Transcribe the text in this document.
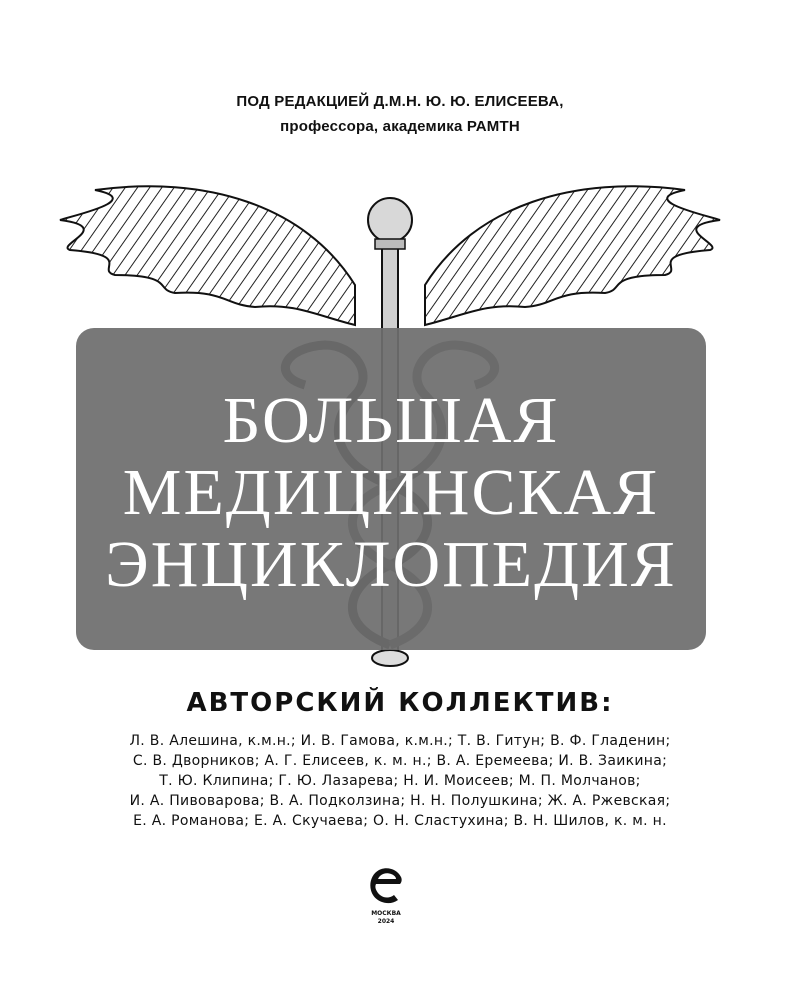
ПОД РЕДАКЦИЕЙ Д.М.Н. Ю. Ю. ЕЛИСЕЕВА,
профессора, академика РАМТН
БОЛЬШАЯ
МЕДИЦИНСКАЯ
ЭНЦИКЛОПЕДИЯ
АВТОРСКИЙ КОЛЛЕКТИВ:
Л. В. Алешина, к.м.н.; И. В. Гамова, к.м.н.; Т. В. Гитун; В. Ф. Гладенин;
С. В. Дворников; А. Г. Елисеев, к. м. н.; В. А. Еремеева; И. В. Заикина;
Т. Ю. Клипина; Г. Ю. Лазарева; Н. И. Моисеев; М. П. Молчанов;
И. А. Пивоварова; В. А. Подколзина; Н. Н. Полушкина; Ж. А. Ржевская;
Е. А. Романова; Е. А. Скучаева; О. Н. Сластухина; В. Н. Шилов, к. м. н.
МОСКВА
2024
